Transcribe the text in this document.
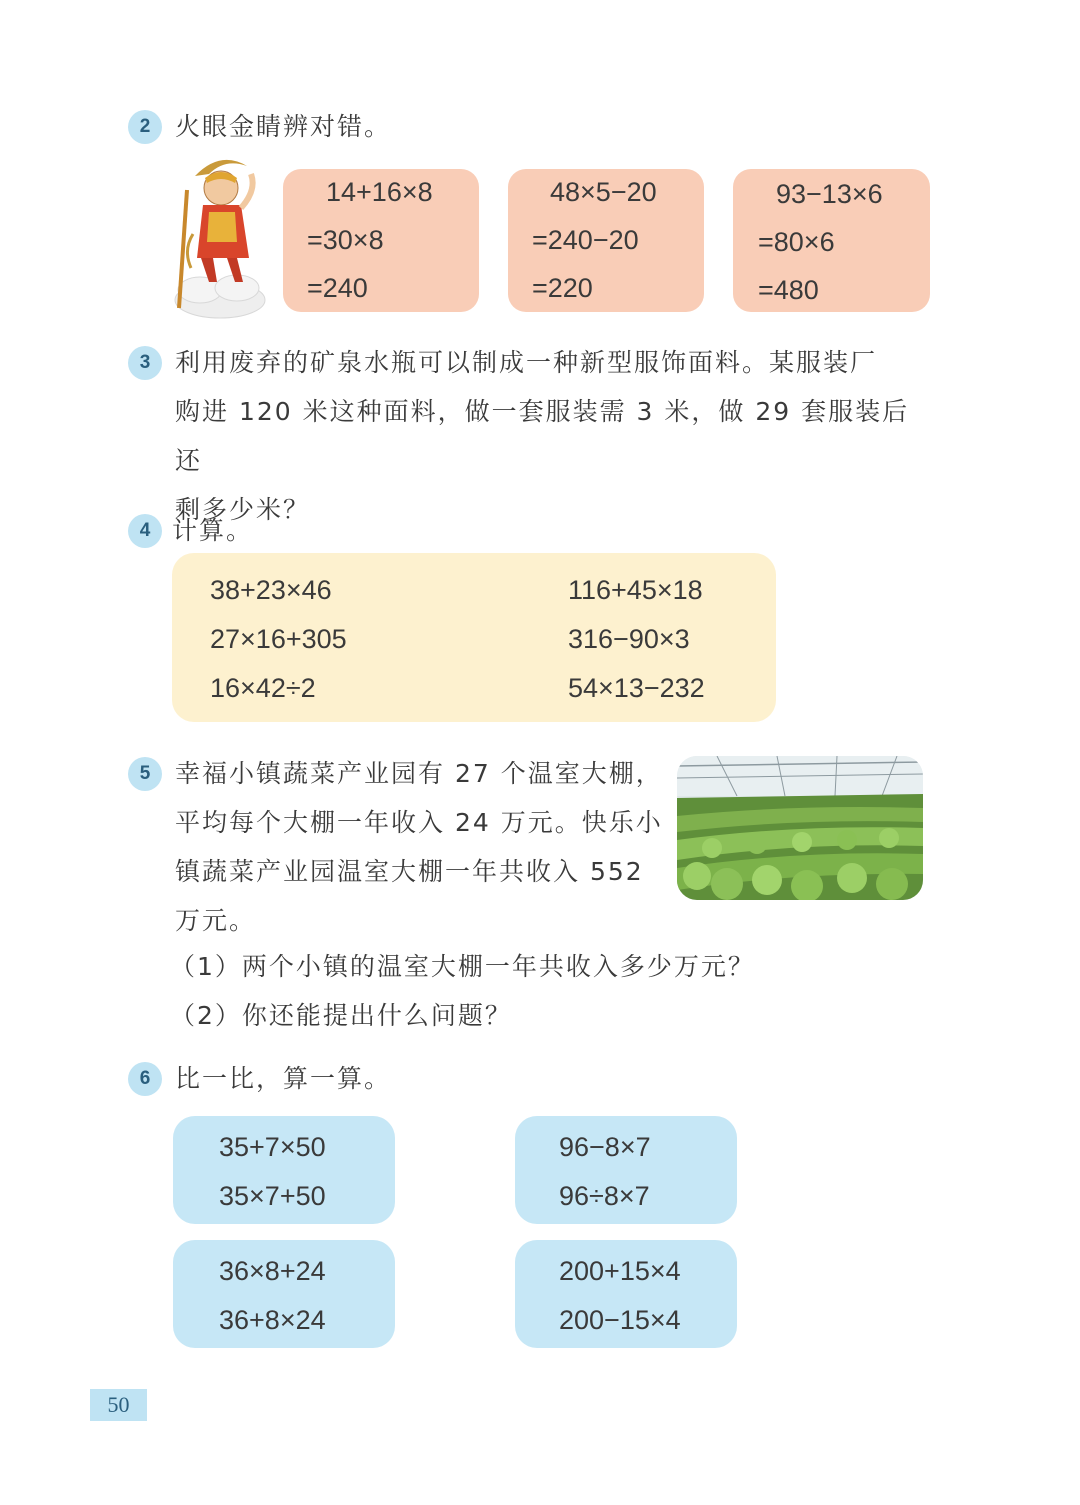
2 火眼金睛辨对错。
14+16×8
=30×8
=240
48×5−20
=240−20
=220
93−13×6
=80×6
=480
3 利用废弃的矿泉水瓶可以制成一种新型服饰面料。某服装厂
购进 120 米这种面料，做一套服装需 3 米，做 29 套服装后还
剩多少米？
4 计算。
38+23×46
27×16+305
16×42÷2
116+45×18
316−90×3
54×13−232
5 幸福小镇蔬菜产业园有 27 个温室大棚，
平均每个大棚一年收入 24 万元。快乐小
镇蔬菜产业园温室大棚一年共收入 552
万元。
（1）两个小镇的温室大棚一年共收入多少万元？
（2）你还能提出什么问题？
6 比一比，算一算。
35+7×50
35×7+50
96−8×7
96÷8×7
36×8+24
36+8×24
200+15×4
200−15×4
50
